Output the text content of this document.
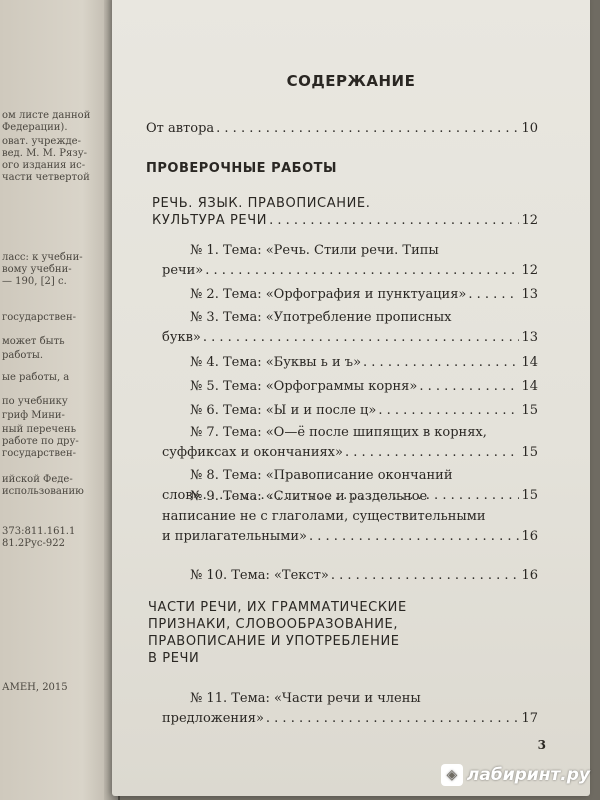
ом листе данной
Федерации).
оват. учрежде-
вед. М. М. Рязу-
ого издания ис-
части четвертой
ласс: к учебни-
вому учебни-
— 190, [2] с.
государствен-
может быть
работы.
ые работы, а
по учебнику
гриф Мини-
ный перечень
работе по дру-
государствен-
ийской Феде-
использованию
373:811.161.1
81.2Рус-922
АМЕН, 2015
СОДЕРЖАНИЕ
От автора . . .	10
ПРОВЕРОЧНЫЕ РАБОТЫ
РЕЧЬ. ЯЗЫК. ПРАВОПИСАНИЕ.
КУЛЬТУРА РЕЧИ . . .	12
№ 1. Тема: «Речь. Стили речи. Типы
речи» . . .	12
№ 2. Тема: «Орфография и пунктуация» . . .	13
№ 3. Тема: «Употребление прописных
букв» . . .	13
№ 4. Тема: «Буквы ь и ъ» . . .	14
№ 5. Тема: «Орфограммы корня» . . .	14
№ 6. Тема: «Ы и и после ц» . . .	15
№ 7. Тема: «О—ё после шипящих в корнях,
суффиксах и окончаниях» . . .	15
№ 8. Тема: «Правописание окончаний
слов» . . .	15
№ 9. Тема: «Слитное и раздельное
написание не с глаголами, существительными
и прилагательными» . . .	16
№ 10. Тема: «Текст» . . .	16
ЧАСТИ РЕЧИ, ИХ ГРАММАТИЧЕСКИЕ
ПРИЗНАКИ, СЛОВООБРАЗОВАНИЕ,
ПРАВОПИСАНИЕ И УПОТРЕБЛЕНИЕ
В РЕЧИ
№ 11. Тема: «Части речи и члены
предложения» . . .	17
3
◈ лабиринт.ру
